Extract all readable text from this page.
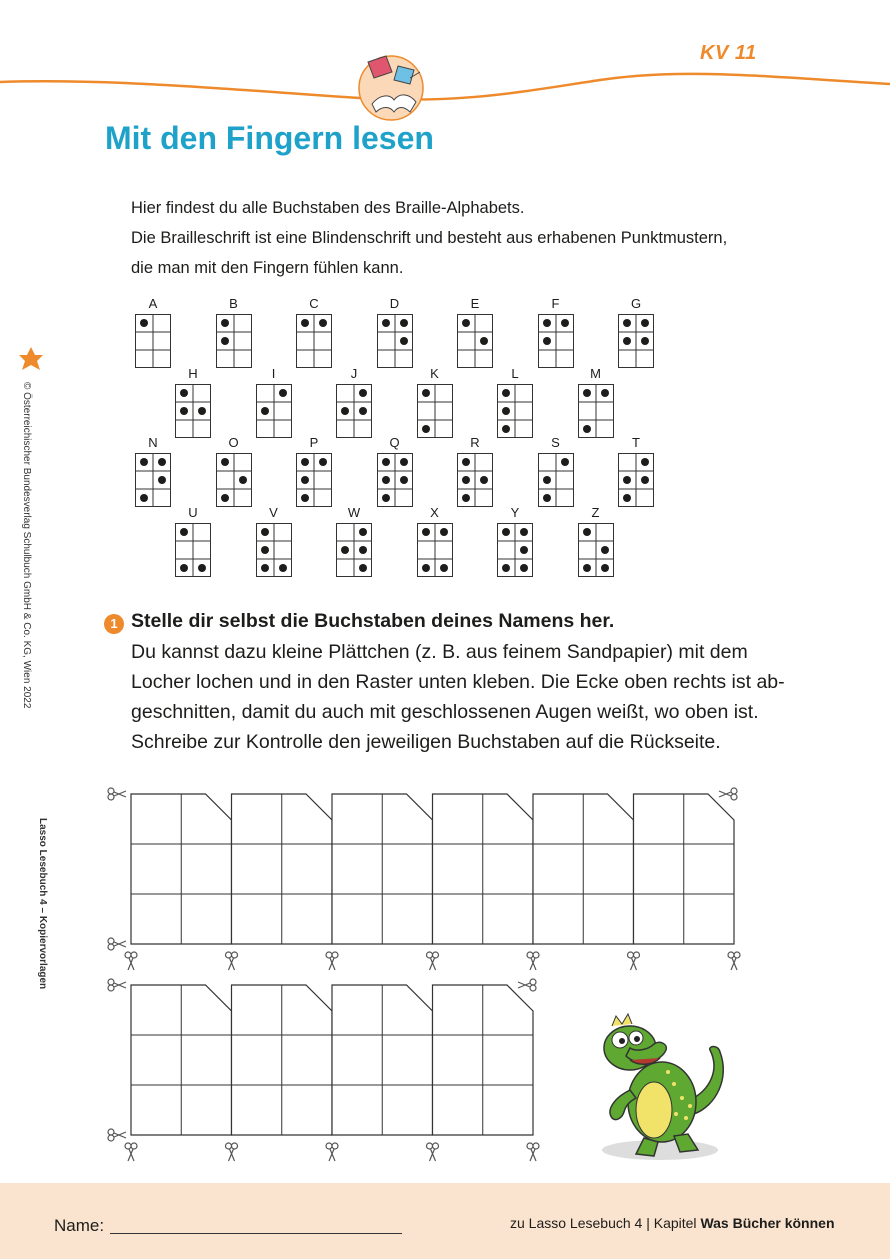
KV 11
Mit den Fingern lesen
Hier findest du alle Buchstaben des Braille-Alphabets.
Die Brailleschrift ist eine Blindenschrift und besteht aus erhabenen Punktmustern,
die man mit den Fingern fühlen kann.
A	B	C	D	E	F	G
H	I	J	K	L	M
N	O	P	Q	R	S	T
U	V	W	X	Y	Z
1 Stelle dir selbst die Buchstaben deines Namens her.
Du kannst dazu kleine Plättchen (z. B. aus feinem Sandpapier) mit dem
Locher lochen und in den Raster unten kleben. Die Ecke oben rechts ist ab-
geschnitten, damit du auch mit geschlossenen Augen weißt, wo oben ist.
Schreibe zur Kontrolle den jeweiligen Buchstaben auf die Rückseite.
© Österreichischer Bundesverlag Schulbuch GmbH & Co. KG, Wien 2022
Lasso Lesebuch 4 – Kopiervorlagen
Name:	zu Lasso Lesebuch 4 | Kapitel Was Bücher können
